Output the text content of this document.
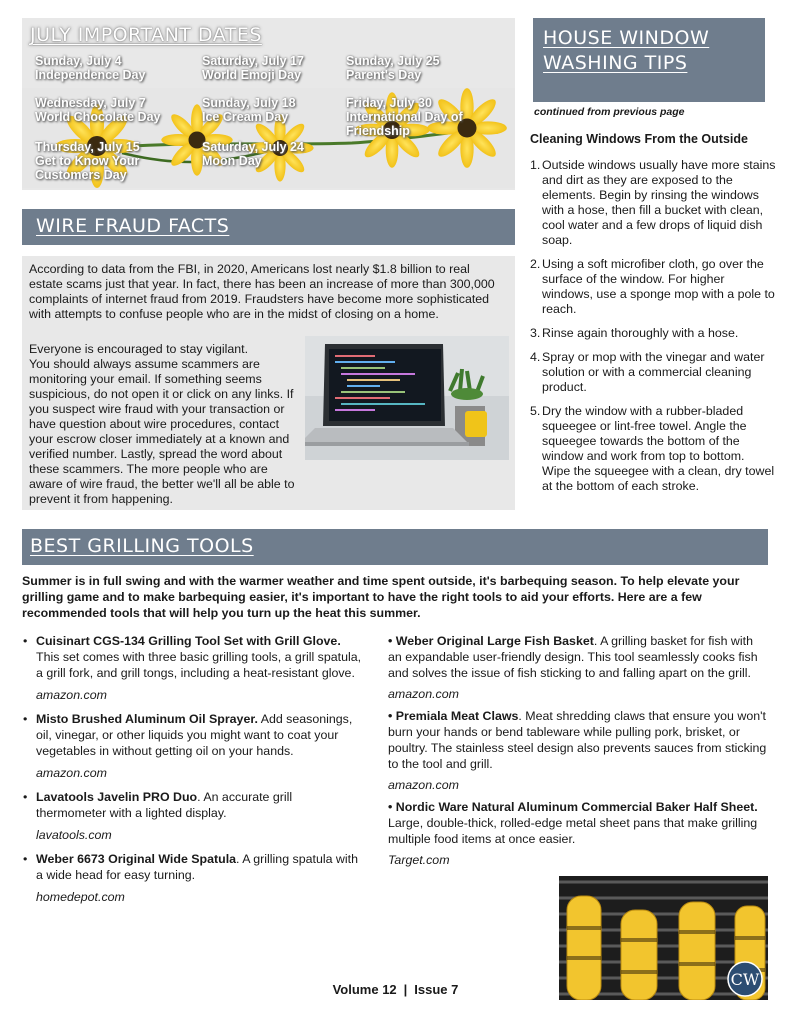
JULY IMPORTANT DATES
Sunday, July 4
Independence Day
Saturday, July 17
World Emoji Day
Sunday, July 25
Parent's Day
Wednesday, July 7
World Chocolate Day
Sunday, July 18
Ice Cream Day
Friday, July 30
International Day of
Friendship
Thursday, July 15
Get to Know Your
Customers Day
Saturday, July 24
Moon Day
HOUSE WINDOW WASHING TIPS
continued from previous page
Cleaning Windows From the Outside
1. Outside windows usually have more stains and dirt as they are exposed to the elements. Begin by rinsing the windows with a hose, then fill a bucket with clean, cool water and a few drops of liquid dish soap.
2. Using a soft microfiber cloth, go over the surface of the window. For higher windows, use a sponge mop with a pole to reach.
3. Rinse again thoroughly with a hose.
4. Spray or mop with the vinegar and water solution or with a commercial cleaning product.
5. Dry the window with a rubber-bladed squeegee or lint-free towel. Angle the squeegee towards the bottom of the window and work from top to bottom. Wipe the squeegee with a clean, dry towel at the bottom of each stroke.
WIRE FRAUD FACTS

According to data from the FBI, in 2020, Americans lost nearly $1.8 billion to real estate scams just that year. In fact, there has been an increase of more than 300,000 complaints of internet fraud from 2019. Fraudsters have become more sophisticated with attempts to confuse people who are in the midst of closing on a home.

Everyone is encouraged to stay vigilant.
You should always assume scammers are monitoring your email. If something seems suspicious, do not open it or click on any links. If you suspect wire fraud with your transaction or have question about wire procedures, contact your escrow closer immediately at a known and verified number. Lastly, spread the word about these scammers. The more people who are aware of wire fraud, the better we'll all be able to prevent it from happening.

BEST GRILLING TOOLS

Summer is in full swing and with the warmer weather and time spent outside, it's barbequing season. To help elevate your grilling game and to make barbequing easier, it's important to have the right tools to aid your efforts. Here are a few recommended tools that will help you turn up the heat this summer.

• Cuisinart CGS-134 Grilling Tool Set with Grill Glove. This set comes with three basic grilling tools, a grill spatula, a grill fork, and grill tongs, including a heat-resistant glove.
amazon.com
• Misto Brushed Aluminum Oil Sprayer. Add seasonings, oil, vinegar, or other liquids you might want to coat your vegetables in without getting oil on your hands.
amazon.com
• Lavatools Javelin PRO Duo. An accurate grill thermometer with a lighted display.
lavatools.com
• Weber 6673 Original Wide Spatula. A grilling spatula with a wide head for easy turning.
homedepot.com
• Weber Original Large Fish Basket. A grilling basket for fish with an expandable user-friendly design. This tool seamlessly cooks fish and solves the issue of fish sticking to and falling apart on the grill.
amazon.com
• Premiala Meat Claws. Meat shredding claws that ensure you won't burn your hands or bend tableware while pulling pork, brisket, or poultry. The stainless steel design also prevents sauces from sticking to the tool and grill.
amazon.com
• Nordic Ware Natural Aluminum Commercial Baker Half Sheet. Large, double-thick, rolled-edge metal sheet pans that make grilling multiple food items at once easier.
Target.com
CW
Volume 12 | Issue 7
